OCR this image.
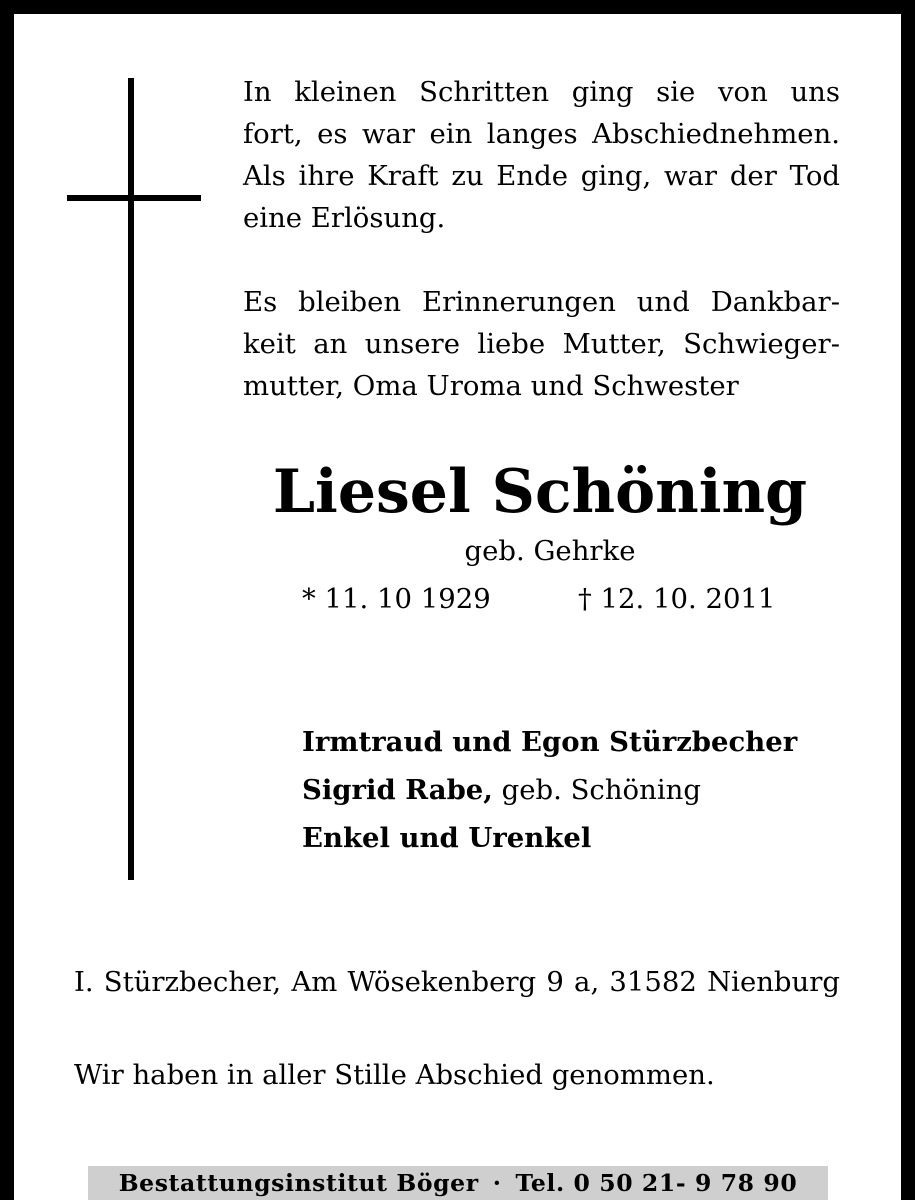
In kleinen Schritten ging sie von uns
fort, es war ein langes Abschiednehmen.
Als ihre Kraft zu Ende ging, war der Tod
eine Erlösung.
Es bleiben Erinnerungen und Dankbar-
keit an unsere liebe Mutter, Schwieger-
mutter, Oma Uroma und Schwester
Liesel Schöning
geb. Gehrke
* 11. 10 1929	† 12. 10. 2011
Irmtraud und Egon Stürzbecher
Sigrid Rabe, geb. Schöning
Enkel und Urenkel
I. Stürzbecher, Am Wösekenberg 9 a, 31582 Nienburg
Wir haben in aller Stille Abschied genommen.
Bestattungsinstitut Böger · Tel. 0 50 21- 9 78 90
